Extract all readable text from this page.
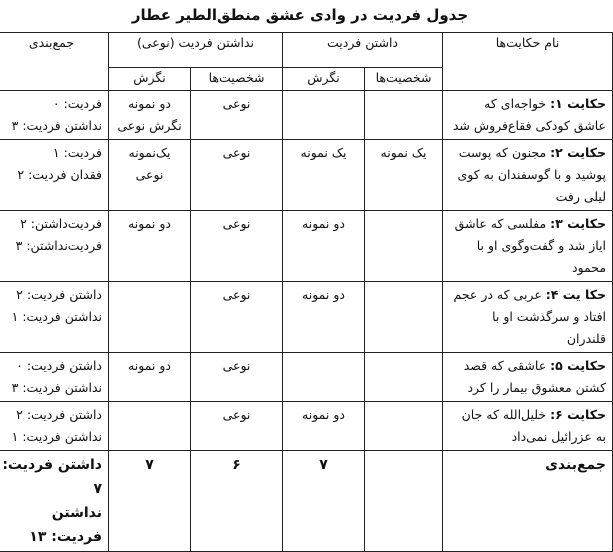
جدول فردیت در وادی عشق منطق‌الطیر عطار
نام حکایت‌ها	داشتن فردیت		نداشتن فردیت (نوعی)		جمع‌بندی
	شخصیت‌ها	نگرش	شخصیت‌ها	نگرش	
حکایت ۱: خواجه‌ای که عاشق کودکی فقاع‌فروش شد			نوعی	دو نمونه نگرش نوعی	فردیت: ۰
نداشتن فردیت: ۳

حکایت ۲: مجنون که پوست پوشید و با گوسفندان به کوی لیلی رفت	یک نمونه	یک نمونه	نوعی	یک‌نمونه نوعی	فردیت: ۱
فقدان فردیت: ۲

حکایت ۳: مفلسی که عاشق ایاز شد و گفت‌وگوی او با محمود		دو نمونه	نوعی	دو نمونه	فردیت‌داشتن: ۲
فردیت‌نداشتن: ۳

حکا یت ۴: عربی که در عجم افتاد و سرگذشت او با قلندران		دو نمونه	نوعی		داشتن فردیت: ۲
نداشتن فردیت: ۱

حکایت ۵: عاشقی که قصد کشتن معشوق بیمار را کرد			نوعی	دو نمونه	داشتن فردیت: ۰
نداشتن فردیت: ۳

حکایت ۶: خلیل‌الله که جان به عزرائیل نمی‌داد		دو نمونه	نوعی		داشتن فردیت: ۲
نداشتن فردیت: ۱

جمع‌بندی		۷	۶	۷	داشتن فردیت: ۷
نداشتن فردیت: ۱۳
